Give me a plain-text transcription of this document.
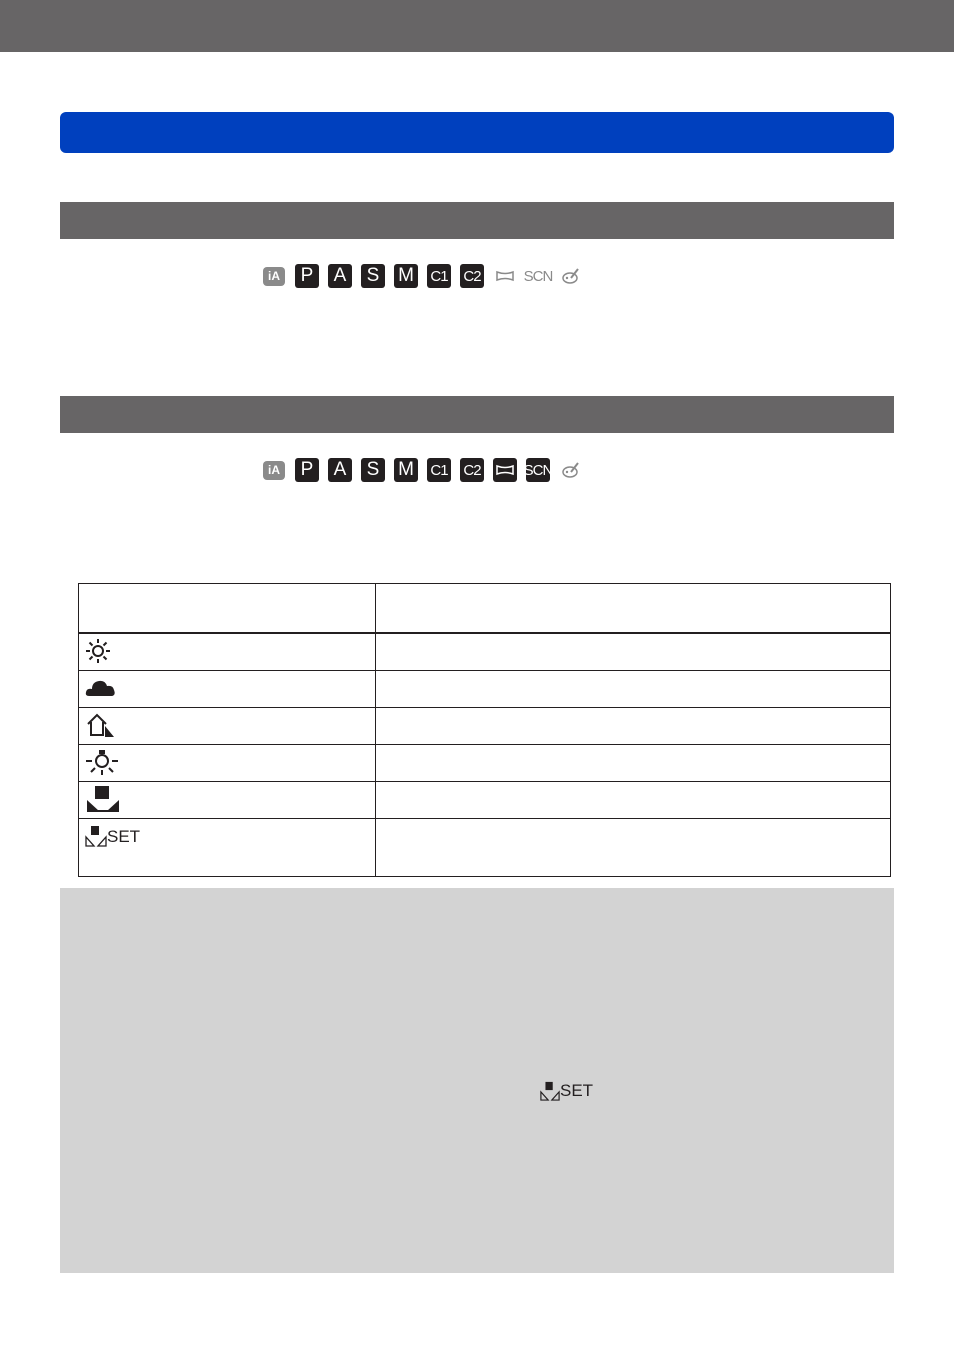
iA P A S M C1 C2	SCN
iA P A S M C1 C2	SCN

SET	

SET
